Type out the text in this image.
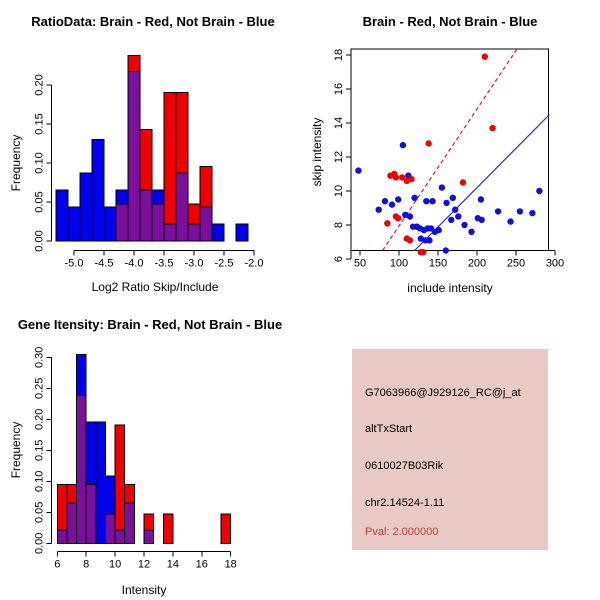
0.00
0.05
0.10
0.15
0.20
-5.0 -4.5 -4.0 -3.5 -3.0 -2.5 -2.0
0.00
0.05
0.10
0.15
0.20
0.25
0.30
6 8 10 12 14 16 18
50 100 150 200 250 300
6
8
10
12
14
16
18
RatioData: Brain - Red, Not Brain - Blue
Log2 Ratio Skip/Include
Frequency
Brain - Red, Not Brain - Blue
include intensity
skip intensity
Gene Itensity: Brain - Red, Not Brain - Blue
Intensity
Frequency
G7063966@J929126_RC@j_at
altTxStart
0610027B03Rik
chr2.14524-1.11
Pval: 2.000000
